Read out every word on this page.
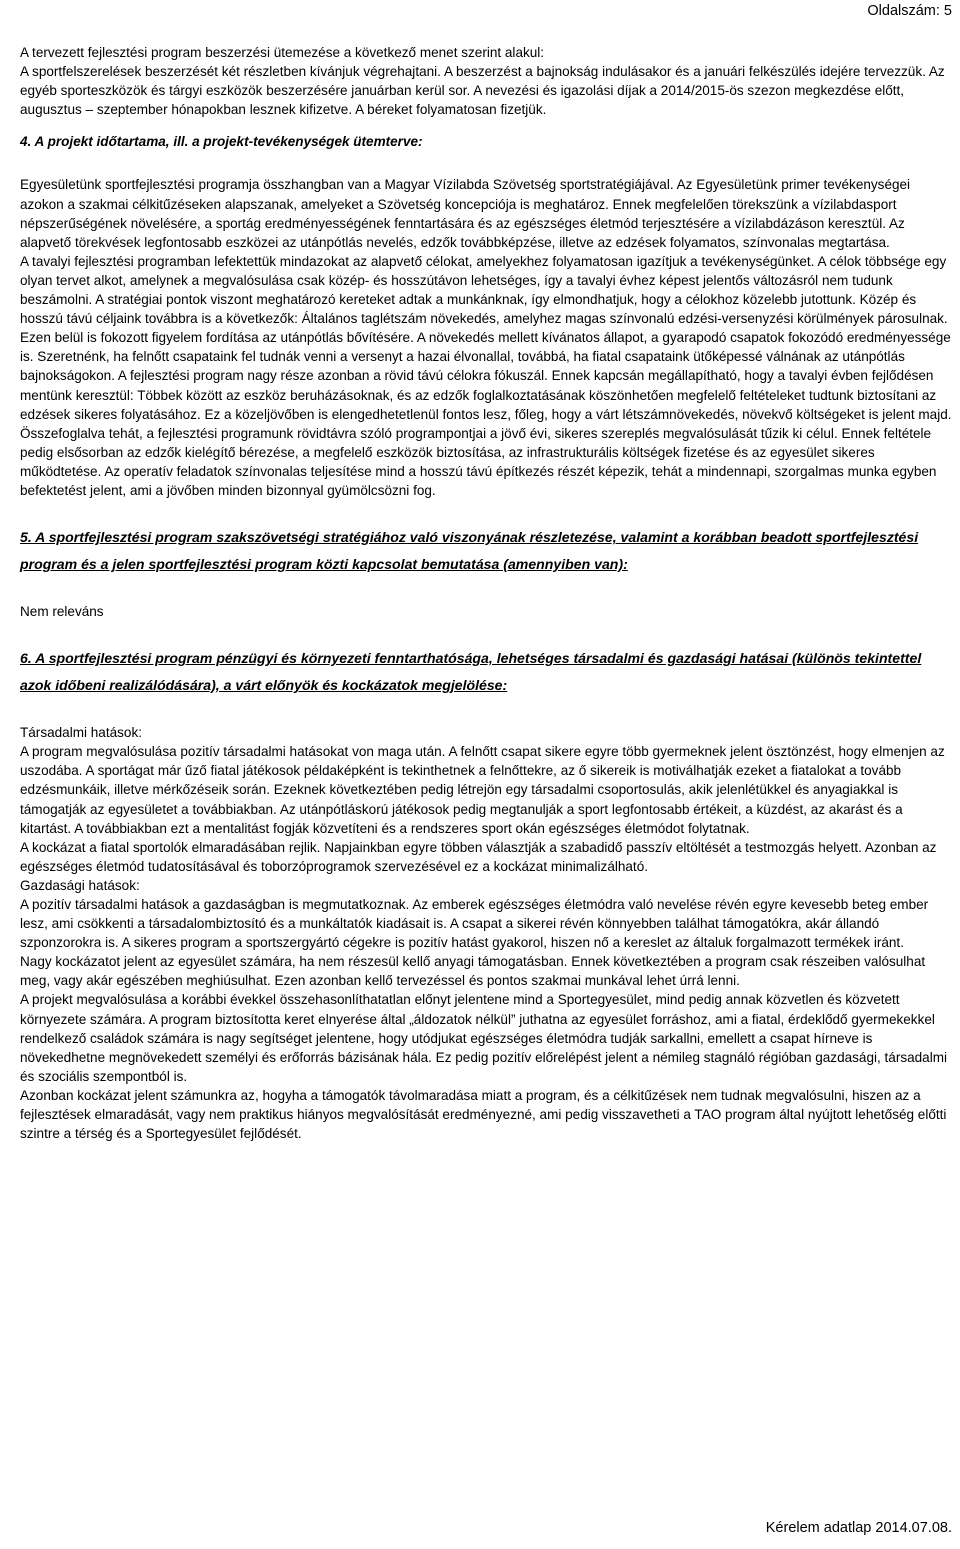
Oldalszám: 5

A tervezett fejlesztési program beszerzési ütemezése a következő menet szerint alakul:

A sportfelszerelések beszerzését két részletben kívánjuk végrehajtani. A beszerzést a bajnokság indulásakor és a januári felkészülés idejére tervezzük. Az egyéb sporteszközök és tárgyi eszközök beszerzésére januárban kerül sor. A nevezési és igazolási díjak a 2014/2015-ös szezon megkezdése előtt, augusztus – szeptember hónapokban lesznek kifizetve. A béreket folyamatosan fizetjük.

4. A projekt időtartama, ill. a projekt-tevékenységek ütemterve:

Egyesületünk sportfejlesztési programja összhangban van a Magyar Vízilabda Szövetség sportstratégiájával. Az Egyesületünk primer tevékenységei azokon a szakmai célkitűzéseken alapszanak, amelyeket a Szövetség koncepciója is meghatároz. Ennek megfelelően törekszünk a vízilabdasport népszerűségének növelésére, a sportág eredményességének fenntartására és az egészséges életmód terjesztésére a vízilabdázáson keresztül. Az alapvető törekvések legfontosabb eszközei az utánpótlás nevelés, edzők továbbképzése, illetve az edzések folyamatos, színvonalas megtartása.

A tavalyi fejlesztési programban lefektettük mindazokat az alapvető célokat, amelyekhez folyamatosan igazítjuk a tevékenységünket. A célok többsége egy olyan tervet alkot, amelynek a megvalósulása csak közép- és hosszútávon lehetséges, így a tavalyi évhez képest jelentős változásról nem tudunk beszámolni. A stratégiai pontok viszont meghatározó kereteket adtak a munkánknak, így elmondhatjuk, hogy a célokhoz közelebb jutottunk. Közép és hosszú távú céljaink továbbra is a következők: Általános taglétszám növekedés, amelyhez magas színvonalú edzési-versenyzési körülmények párosulnak. Ezen belül is fokozott figyelem fordítása az utánpótlás bővítésére. A növekedés mellett kívánatos állapot, a gyarapodó csapatok fokozódó eredményessége is. Szeretnénk, ha felnőtt csapataink fel tudnák venni a versenyt a hazai élvonallal, továbbá, ha fiatal csapataink ütőképessé válnának az utánpótlás bajnokságokon. A fejlesztési program nagy része azonban a rövid távú célokra fókuszál. Ennek kapcsán megállapítható, hogy a tavalyi évben fejlődésen mentünk keresztül: Többek között az eszköz beruházásoknak, és az edzők foglalkoztatásának köszönhetően megfelelő feltételeket tudtunk biztosítani az edzések sikeres folyatásához. Ez a közeljövőben is elengedhetetlenül fontos lesz, főleg, hogy a várt létszámnövekedés, növekvő költségeket is jelent majd. Összefoglalva tehát, a fejlesztési programunk rövidtávra szóló programpontjai a jövő évi, sikeres szereplés megvalósulását tűzik ki célul. Ennek feltétele pedig elsősorban az edzők kielégítő bérezése, a megfelelő eszközök biztosítása, az infrastrukturális költségek fizetése és az egyesület sikeres működtetése. Az operatív feladatok színvonalas teljesítése mind a hosszú távú építkezés részét képezik, tehát a mindennapi, szorgalmas munka egyben befektetést jelent, ami a jövőben minden bizonnyal gyümölcsözni fog.

5. A sportfejlesztési program szakszövetségi stratégiához való viszonyának részletezése, valamint a korábban beadott sportfejlesztési program és a jelen sportfejlesztési program közti kapcsolat bemutatása (amennyiben van):

Nem releváns

6. A sportfejlesztési program pénzügyi és környezeti fenntarthatósága, lehetséges társadalmi és gazdasági hatásai (különös tekintettel azok időbeni realizálódására), a várt előnyök és kockázatok megjelölése:

Társadalmi hatások:

A program megvalósulása pozitív társadalmi hatásokat von maga után. A felnőtt csapat sikere egyre több gyermeknek jelent ösztönzést, hogy elmenjen az uszodába. A sportágat már űző fiatal játékosok példaképként is tekinthetnek a felnőttekre, az ő sikereik is motiválhatják ezeket a fiatalokat a tovább edzésmunkáik, illetve mérkőzéseik során. Ezeknek következtében pedig létrejön egy társadalmi csoportosulás, akik jelenlétükkel és anyagiakkal is támogatják az egyesületet a továbbiakban. Az utánpótláskorú játékosok pedig megtanulják a sport legfontosabb értékeit, a küzdést, az akarást és a kitartást. A továbbiakban ezt a mentalitást fogják közvetíteni és a rendszeres sport okán egészséges életmódot folytatnak.

A kockázat a fiatal sportolók elmaradásában rejlik. Napjainkban egyre többen választják a szabadidő passzív eltöltését a testmozgás helyett. Azonban az egészséges életmód tudatosításával és toborzóprogramok szervezésével ez a kockázat minimalizálható.

Gazdasági hatások:

A pozitív társadalmi hatások a gazdaságban is megmutatkoznak. Az emberek egészséges életmódra való nevelése révén egyre kevesebb beteg ember lesz, ami csökkenti a társadalombiztosító és a munkáltatók kiadásait is. A csapat a sikerei révén könnyebben találhat támogatókra, akár állandó szponzorokra is. A sikeres program a sportszergyártó cégekre is pozitív hatást gyakorol, hiszen nő a kereslet az általuk forgalmazott termékek iránt.

Nagy kockázatot jelent az egyesület számára, ha nem részesül kellő anyagi támogatásban. Ennek következtében a program csak részeiben valósulhat meg, vagy akár egészében meghiúsulhat. Ezen azonban kellő tervezéssel és pontos szakmai munkával lehet úrrá lenni.

A projekt megvalósulása a korábbi évekkel összehasonlíthatatlan előnyt jelentene mind a Sportegyesület, mind pedig annak közvetlen és közvetett környezete számára. A program biztosította keret elnyerése által „áldozatok nélkül” juthatna az egyesület forráshoz, ami a fiatal, érdeklődő gyermekekkel rendelkező családok számára is nagy segítséget jelentene, hogy utódjukat egészséges életmódra tudják sarkallni, emellett a csapat hírneve is növekedhetne megnövekedett személyi és erőforrás bázisának hála. Ez pedig pozitív előrelépést jelent a némileg stagnáló régióban gazdasági, társadalmi és szociális szempontból is.

Azonban kockázat jelent számunkra az, hogyha a támogatók távolmaradása miatt a program, és a célkitűzések nem tudnak megvalósulni, hiszen az a fejlesztések elmaradását, vagy nem praktikus hiányos megvalósítását eredményezné, ami pedig visszavetheti a TAO program által nyújtott lehetőség előtti szintre a térség és a Sportegyesület fejlődését.

Kérelem adatlap 2014.07.08.
